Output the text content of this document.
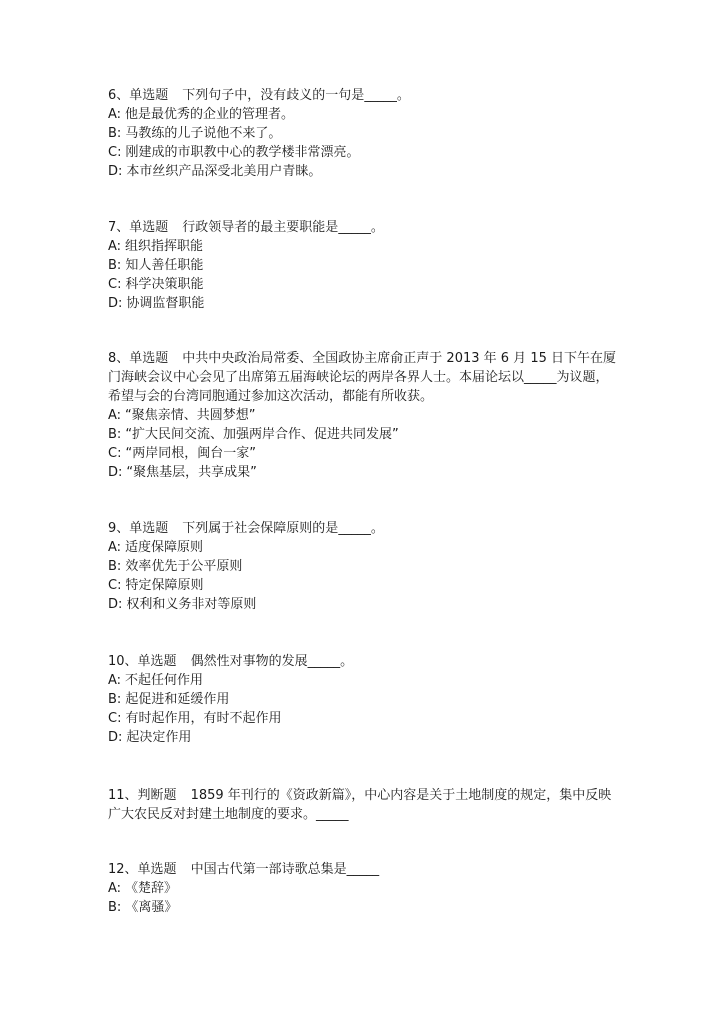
6、单选题 下列句子中，没有歧义的一句是_____。
A: 他是最优秀的企业的管理者。
B: 马教练的儿子说他不来了。
C: 刚建成的市职教中心的教学楼非常漂亮。
D: 本市丝织产品深受北美用户青睐。
7、单选题 行政领导者的最主要职能是_____。
A: 组织指挥职能
B: 知人善任职能
C: 科学决策职能
D: 协调监督职能
8、单选题 中共中央政治局常委、全国政协主席俞正声于 2013 年 6 月 15 日下午在厦门海峡会议中心会见了出席第五届海峡论坛的两岸各界人士。本届论坛以_____为议题，希望与会的台湾同胞通过参加这次活动，都能有所收获。
A: “聚焦亲情、共圆梦想”
B: “扩大民间交流、加强两岸合作、促进共同发展”
C: “两岸同根，闽台一家”
D: “聚焦基层，共享成果”
9、单选题 下列属于社会保障原则的是_____。
A: 适度保障原则
B: 效率优先于公平原则
C: 特定保障原则
D: 权利和义务非对等原则
10、单选题 偶然性对事物的发展_____。
A: 不起任何作用
B: 起促进和延缓作用
C: 有时起作用，有时不起作用
D: 起决定作用
11、判断题 1859 年刊行的《资政新篇》，中心内容是关于土地制度的规定，集中反映广大农民反对封建土地制度的要求。_____
12、单选题 中国古代第一部诗歌总集是_____
A: 《楚辞》
B: 《离骚》
